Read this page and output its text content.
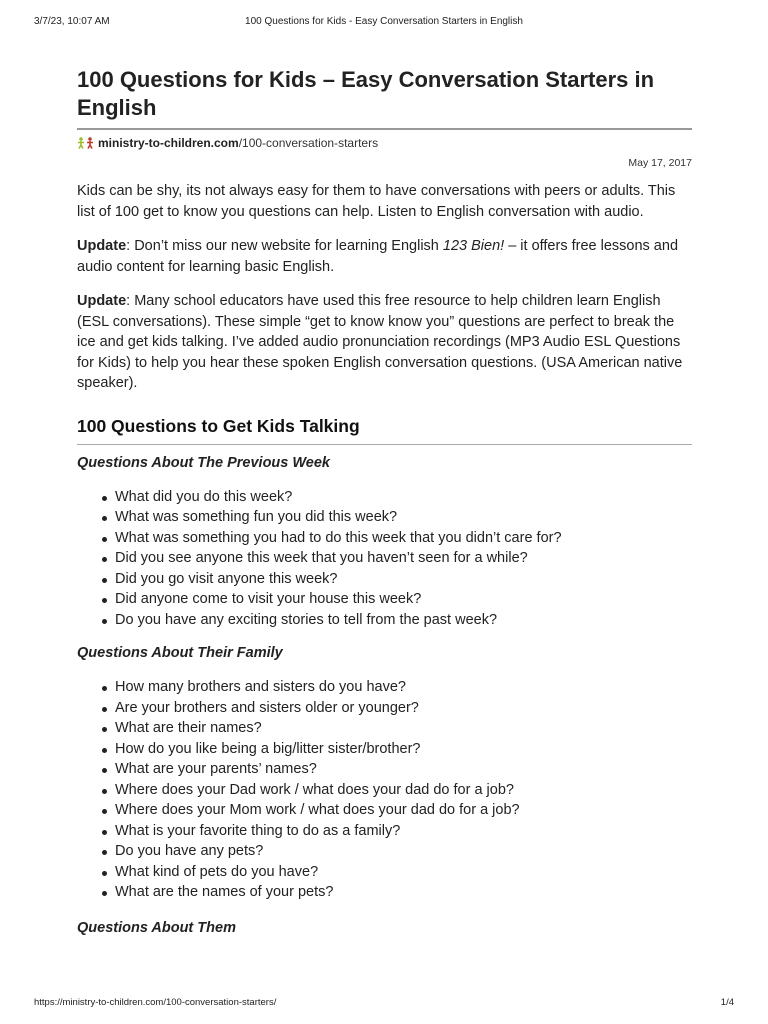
3/7/23, 10:07 AM	100 Questions for Kids - Easy Conversation Starters in English
100 Questions for Kids – Easy Conversation Starters in English
ministry-to-children.com /100-conversation-starters
May 17, 2017

Kids can be shy, its not always easy for them to have conversations with peers or adults. This list of 100 get to know you questions can help. Listen to English conversation with audio.

Update: Don’t miss our new website for learning English 123 Bien! – it offers free lessons and audio content for learning basic English.

Update: Many school educators have used this free resource to help children learn English (ESL conversations). These simple “get to know know you” questions are perfect to break the ice and get kids talking. I’ve added audio pronunciation recordings (MP3 Audio ESL Questions for Kids) to help you hear these spoken English conversation questions. (USA American native speaker).

100 Questions to Get Kids Talking
Questions About The Previous Week
What did you do this week?
What was something fun you did this week?
What was something you had to do this week that you didn’t care for?
Did you see anyone this week that you haven’t seen for a while?
Did you go visit anyone this week?
Did anyone come to visit your house this week?
Do you have any exciting stories to tell from the past week?
Questions About Their Family
How many brothers and sisters do you have?
Are your brothers and sisters older or younger?
What are their names?
How do you like being a big/litter sister/brother?
What are your parents’ names?
Where does your Dad work / what does your dad do for a job?
Where does your Mom work / what does your dad do for a job?
What is your favorite thing to do as a family?
Do you have any pets?
What kind of pets do you have?
What are the names of your pets?
Questions About Them
https://ministry-to-children.com/100-conversation-starters/	1/4
